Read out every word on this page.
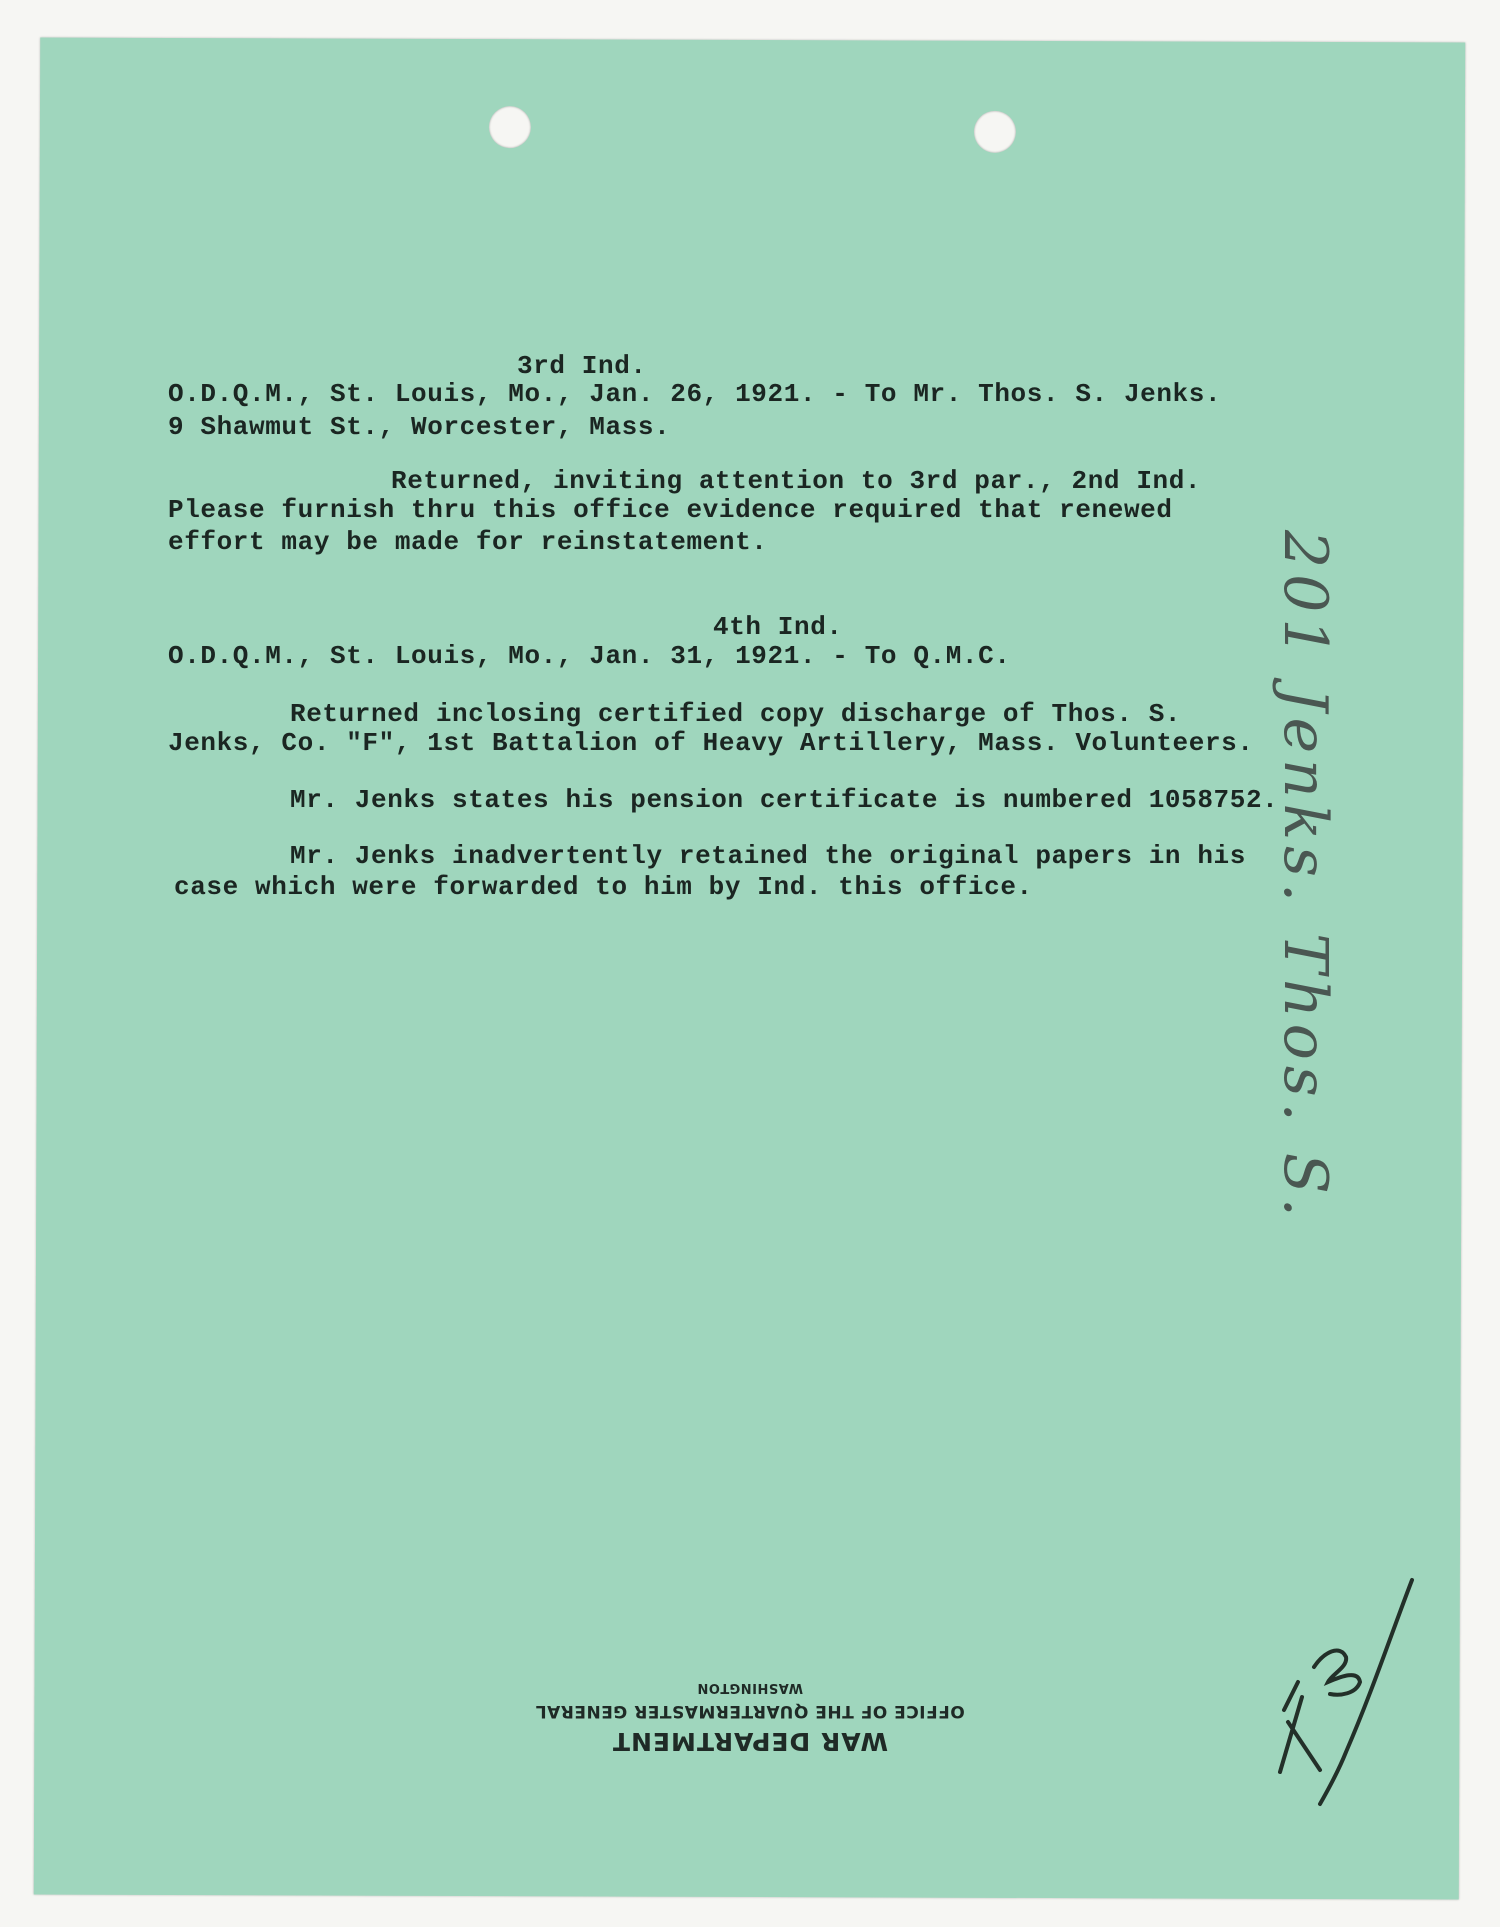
3rd Ind.
O.D.Q.M., St. Louis, Mo., Jan. 26, 1921. - To Mr. Thos. S. Jenks.
9 Shawmut St., Worcester, Mass.
Returned, inviting attention to 3rd par., 2nd Ind.
Please furnish thru this office evidence required that renewed
effort may be made for reinstatement.
4th Ind.
O.D.Q.M., St. Louis, Mo., Jan. 31, 1921. - To Q.M.C.
Returned inclosing certified copy discharge of Thos. S.
Jenks, Co. "F", 1st Battalion of Heavy Artillery, Mass. Volunteers.
Mr. Jenks states his pension certificate is numbered 1058752.
Mr. Jenks inadvertently retained the original papers in his
case which were forwarded to him by Ind. this office.	201 Jenks. Thos. S.
WAR DEPARTMENT
OFFICE OF THE QUARTERMASTER GENERAL
WASHINGTON
